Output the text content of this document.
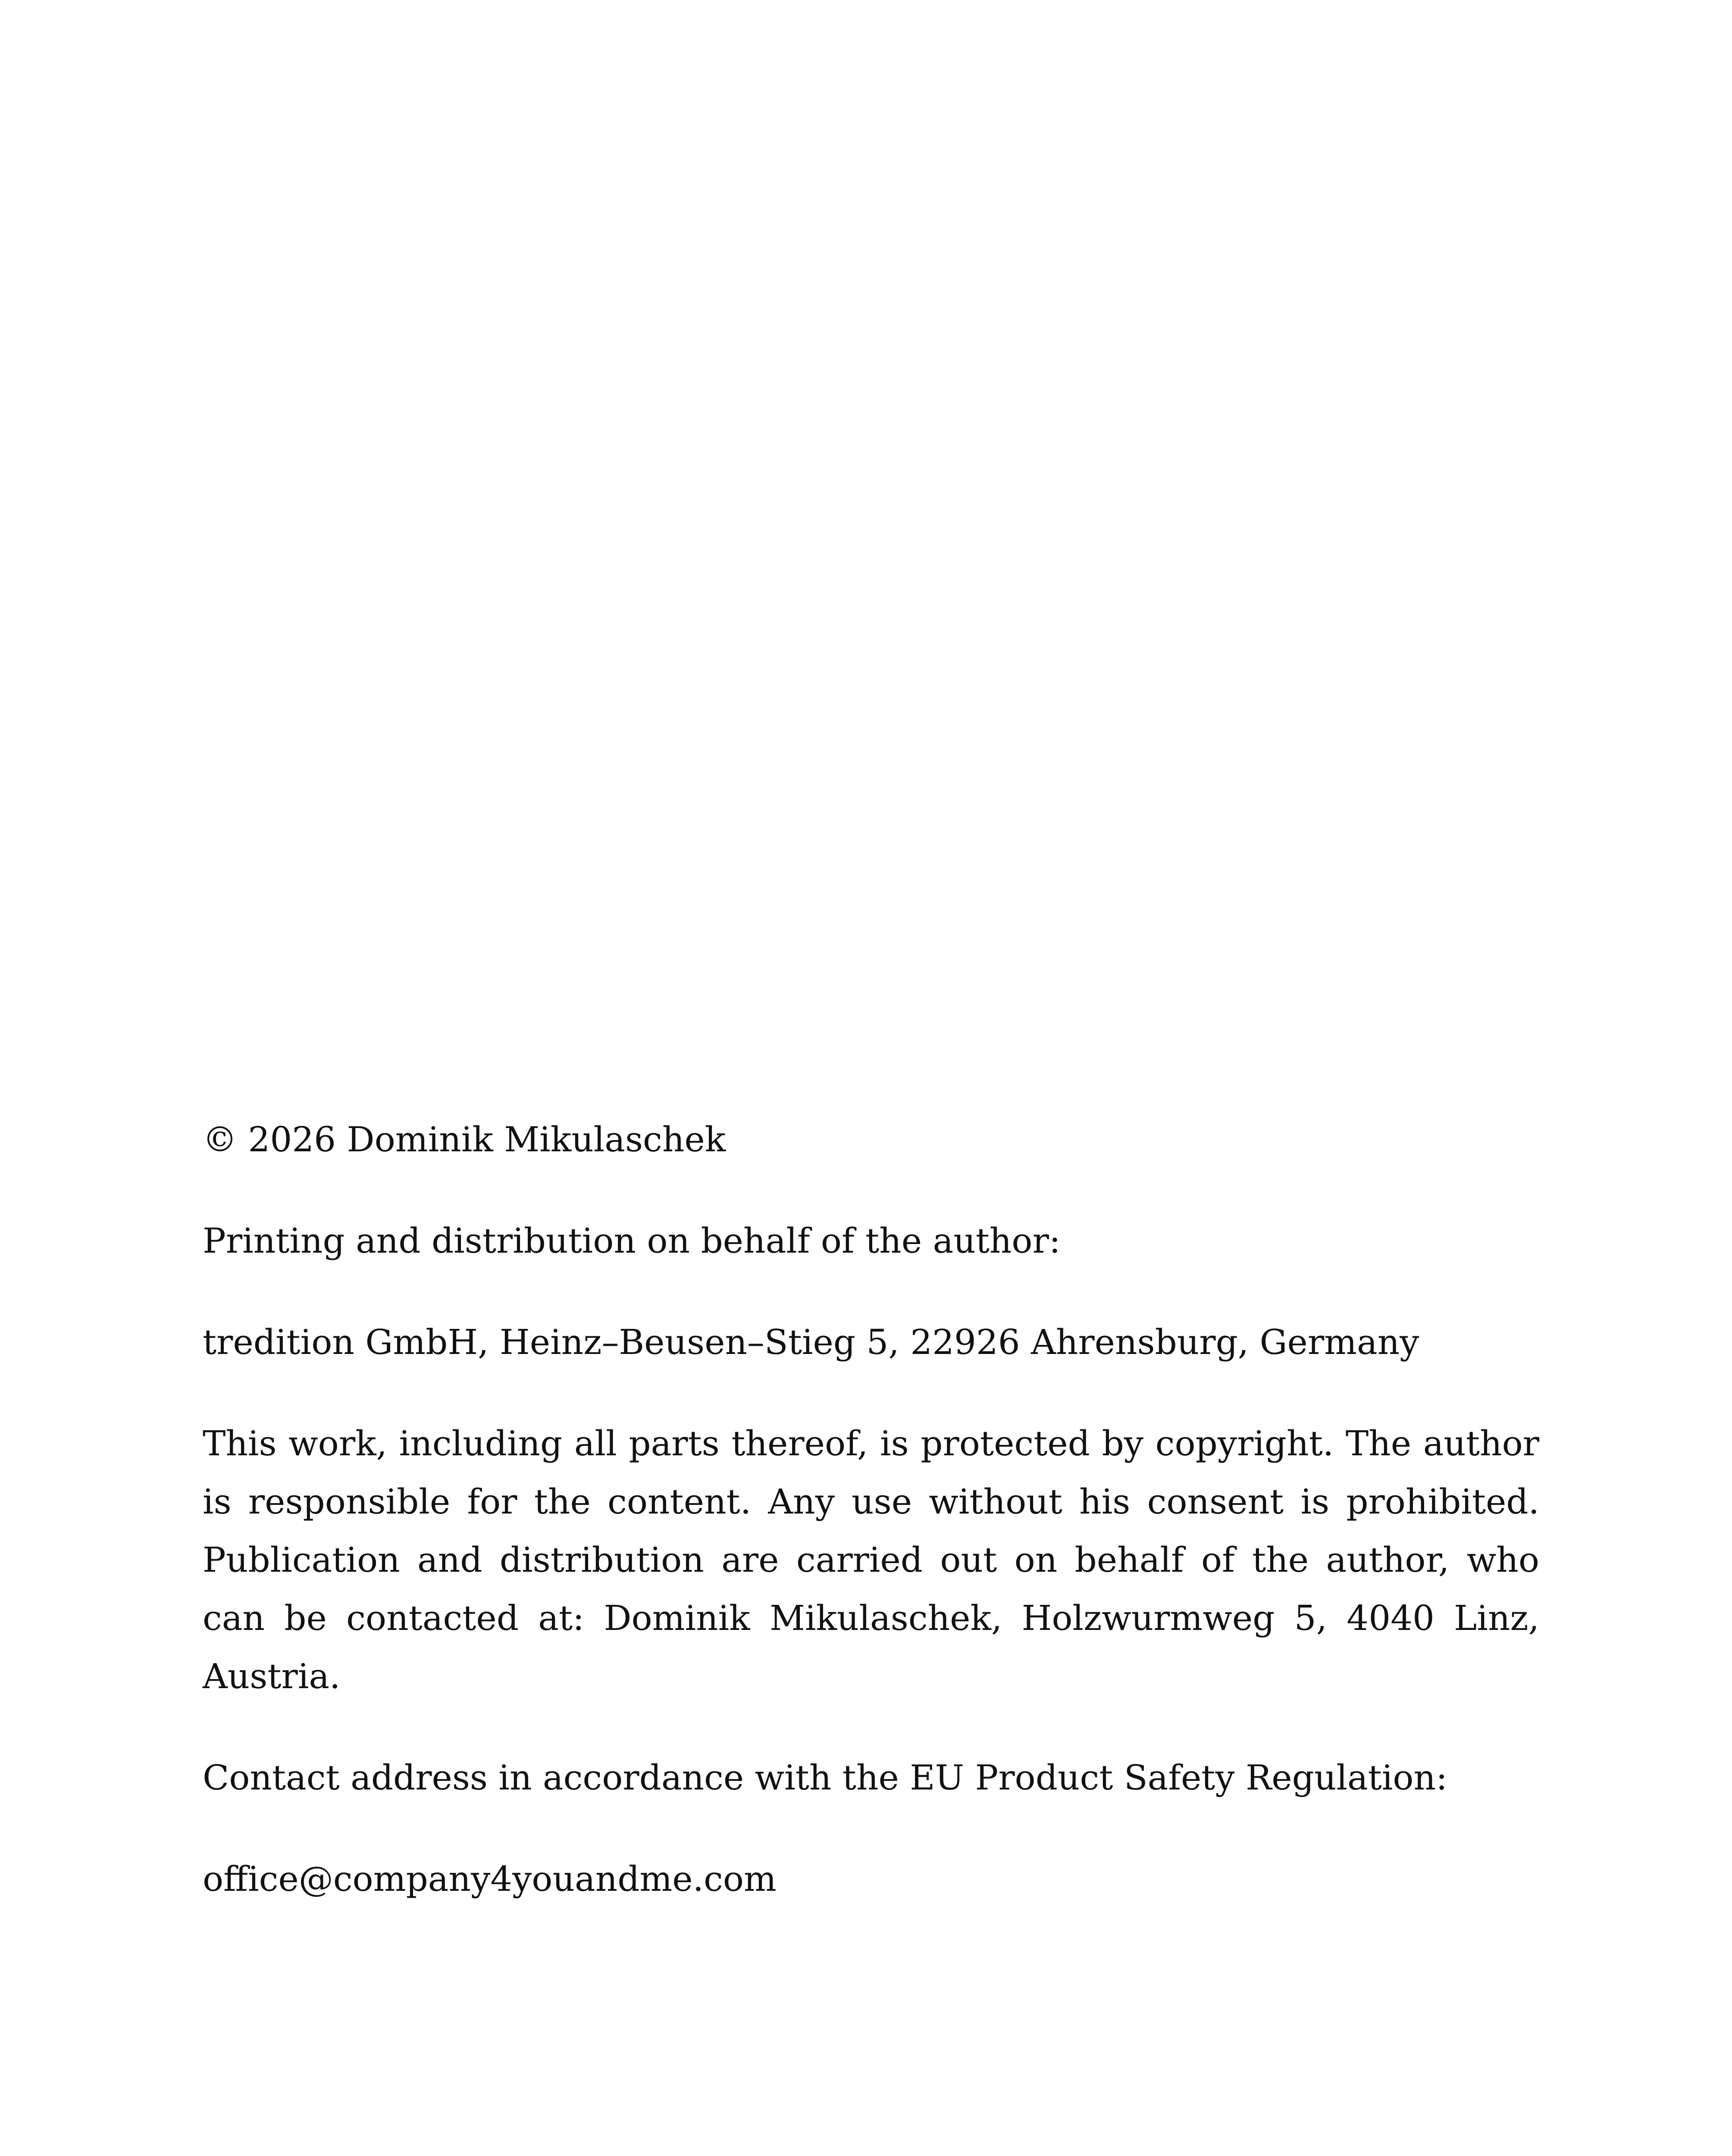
© 2026 Dominik Mikulaschek

Printing and distribution on behalf of the author:

tredition GmbH, Heinz–Beusen–Stieg 5, 22926 Ahrensburg, Germany

This work, including all parts thereof, is protected by copyright. The author is responsible for the content. Any use without his consent is prohibited. Publication and distribution are carried out on behalf of the author, who can be contacted at: Dominik Mikulaschek, Holzwurmweg 5, 4040 Linz, Austria.

Contact address in accordance with the EU Product Safety Regulation:

office@company4youandme.com
